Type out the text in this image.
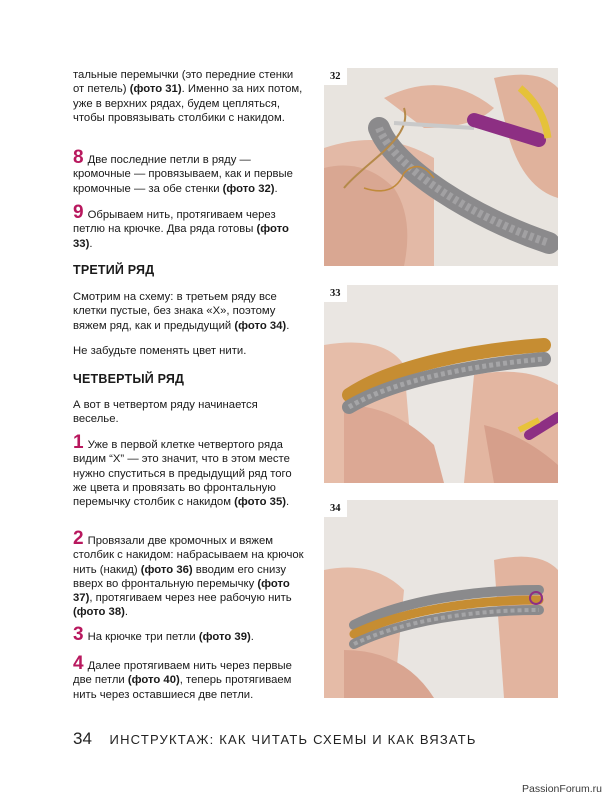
тальные перемычки (это передние стенки
от петель) (фото 31). Именно за них потом, уже в верхних рядах, будем цепляться, чтобы провязывать столбики с накидом.

8 Две последние петли в ряду — кромочные — провязываем, как и первые кромочные — за обе стенки (фото 32).

9 Обрываем нить, протягиваем через петлю на крючке. Два ряда готовы (фото 33).

ТРЕТИЙ РЯД

Смотрим на схему: в третьем ряду все клетки пустые, без знака «Х», поэтому вяжем ряд, как и предыдущий (фото 34).

Не забудьте поменять цвет нити.

ЧЕТВЕРТЫЙ РЯД

А вот в четвертом ряду начинается веселье.

1 Уже в первой клетке четвертого ряда видим “Х” — это значит, что в этом месте нужно спуститься в предыдущий ряд того же цвета и провязать во фронтальную перемычку столбик с накидом (фото 35).

2 Провязали две кромочных и вяжем столбик с накидом: набрасываем на крючок нить (накид) (фото 36) вводим его снизу вверх во фронтальную перемычку (фото 37), протягиваем через нее рабочую нить (фото 38).

3 На крючке три петли (фото 39).

4 Далее протягиваем нить через первые две петли (фото 40), теперь протягиваем нить через оставшиеся две петли.

32
33
34
34 ИНСТРУКТАЖ: КАК ЧИТАТЬ СХЕМЫ И КАК ВЯЗАТЬ
PassionForum.ru
